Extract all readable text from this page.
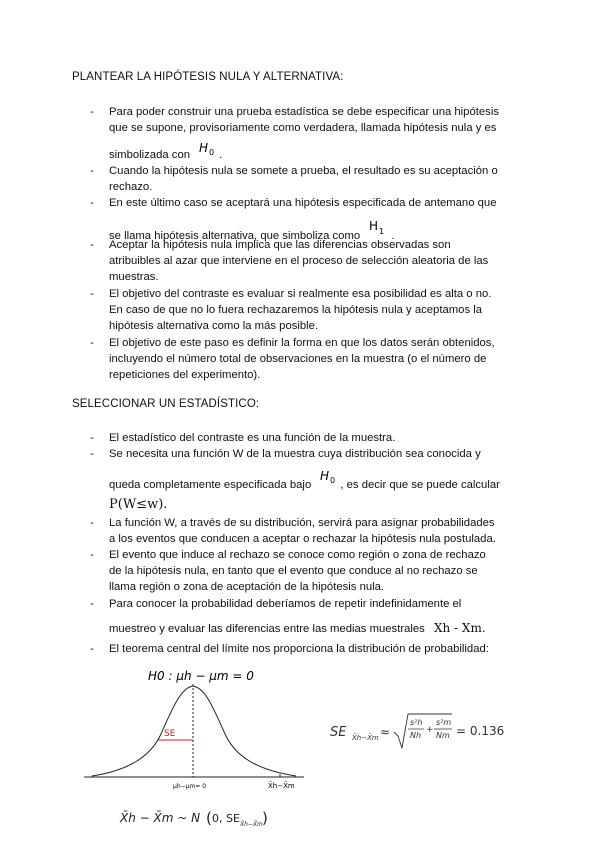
PLANTEAR LA HIPÓTESIS NULA Y ALTERNATIVA:
- Para poder construir una prueba estadística se debe especificar una hipótesis
que se supone, provisoriamente como verdadera, llamada hipótesis nula y es
simbolizada con H 0 .
- Cuando la hipótesis nula se somete a prueba, el resultado es su aceptación o
rechazo.
- En este último caso se aceptará una hipótesis especificada de antemano que
se llama hipótesis alternativa, que simboliza como
H 1 .
- Aceptar la hipótesis nula implica que las diferencias observadas son
atribuibles al azar que interviene en el proceso de selección aleatoria de las
muestras.
- El objetivo del contraste es evaluar si realmente esa posibilidad es alta o no.
En caso de que no lo fuera rechazaremos la hipótesis nula y aceptamos la
hipótesis alternativa como la más posible.
- El objetivo de este paso es definir la forma en que los datos serán obtenidos,
incluyendo el número total de observaciones en la muestra (o el número de
repeticiones del experimento).
SELECCIONAR UN ESTADÍSTICO:
- El estadístico del contraste es una función de la muestra.
- Se necesita una función W de la muestra cuya distribución sea conocida y
queda completamente especificada bajo
H 0 , es decir que se puede calcular
P(W≤w).
- La función W, a través de su distribución, servirá para asignar probabilidades
a los eventos que conducen a aceptar o rechazar la hipótesis nula postulada.
- El evento que induce al rechazo se conoce como región o zona de rechazo
de la hipótesis nula, en tanto que el evento que conduce al no rechazo se
llama región o zona de aceptación de la hipótesis nula.
- Para conocer la probabilidad deberíamos de repetir indefinidamente el
muestreo y evaluar las diferencias entre las medias muestrales Xh - Xm.
- El teorema central del límite nos proporciona la distribución de probabilidad:
H0 : μh − μm = 0
SE
μh−μm= 0	X̄h−X̄m
SE X̄h−X̄m ≈
s²h
Nh
+
s²m
Nm = 0.136
X̄h − X̄m ~ N ( 0, SE X̄h−X̄m )
